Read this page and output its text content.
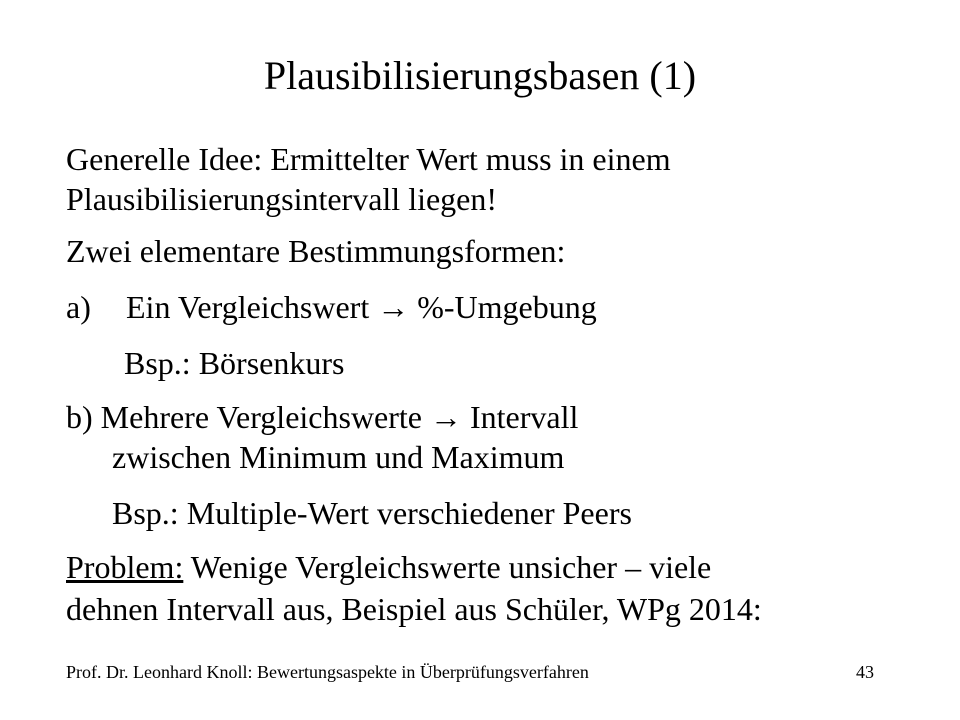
Plausibilisierungsbasen (1)
Generelle Idee: Ermittelter Wert muss in einem
Plausibilisierungsintervall liegen!
Zwei elementare Bestimmungsformen:
a) Ein Vergleichswert → %-Umgebung
Bsp.: Börsenkurs
b) Mehrere Vergleichswerte → Intervall
zwischen Minimum und Maximum
Bsp.: Multiple-Wert verschiedener Peers
Problem: Wenige Vergleichswerte unsicher – viele
dehnen Intervall aus, Beispiel aus Schüler, WPg 2014:
Prof. Dr. Leonhard Knoll: Bewertungsaspekte in Überprüfungsverfahren	43
